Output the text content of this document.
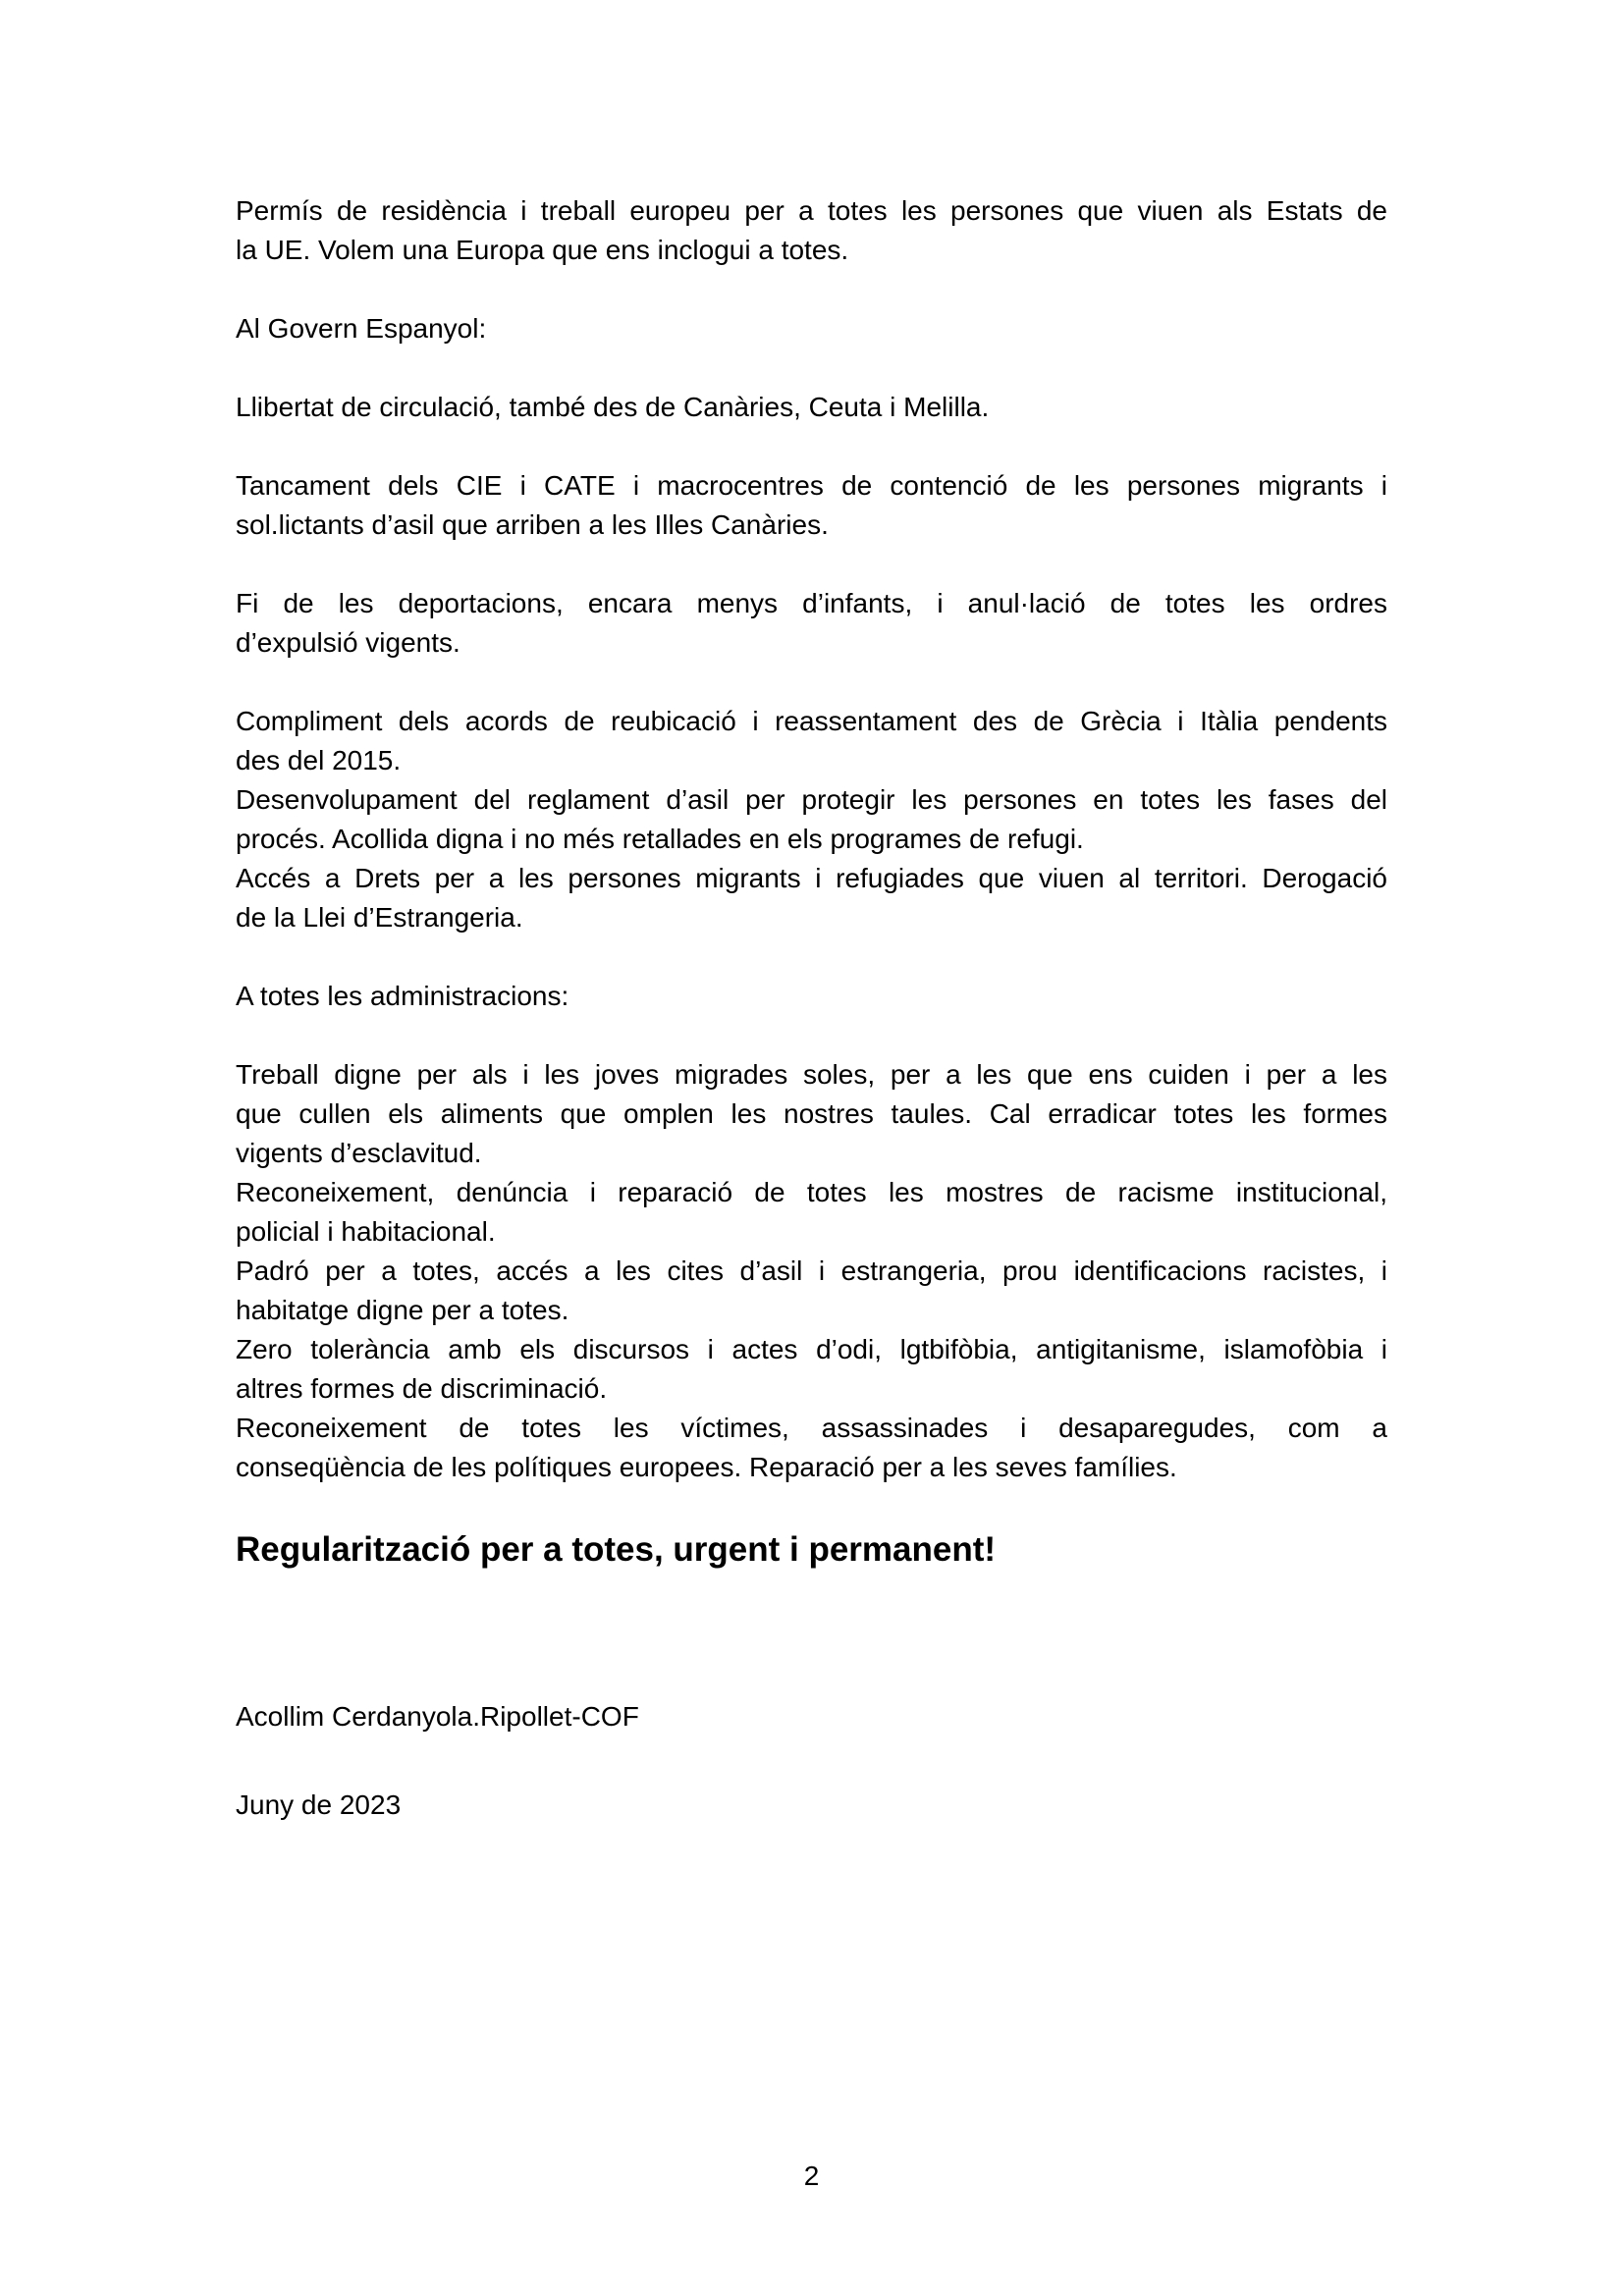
Permís de residència i treball europeu per a totes les persones que viuen als Estats de
la UE. Volem una Europa que ens inclogui a totes.

Al Govern Espanyol:

Llibertat de circulació, també des de Canàries, Ceuta i Melilla.

Tancament dels CIE i CATE i macrocentres de contenció de les persones migrants i
sol.lictants d’asil que arriben a les Illes Canàries.

Fi de les deportacions, encara menys d’infants, i anul·lació de totes les ordres
d’expulsió vigents.

Compliment dels acords de reubicació i reassentament des de Grècia i Itàlia pendents
des del 2015.

Desenvolupament del reglament d’asil per protegir les persones en totes les fases del
procés. Acollida digna i no més retallades en els programes de refugi.

Accés a Drets per a les persones migrants i refugiades que viuen al territori. Derogació
de la Llei d’Estrangeria.

A totes les administracions:

Treball digne per als i les joves migrades soles, per a les que ens cuiden i per a les
que cullen els aliments que omplen les nostres taules. Cal erradicar totes les formes
vigents d’esclavitud.

Reconeixement, denúncia i reparació de totes les mostres de racisme institucional,
policial i habitacional.

Padró per a totes, accés a les cites d’asil i estrangeria, prou identificacions racistes, i
habitatge digne per a totes.

Zero tolerància amb els discursos i actes d’odi, lgtbifòbia, antigitanisme, islamofòbia i
altres formes de discriminació.

Reconeixement de totes les víctimes, assassinades i desaparegudes, com a
conseqüència de les polítiques europees. Reparació per a les seves famílies.

Regularització per a totes, urgent i permanent!

Acollim Cerdanyola.Ripollet-COF

Juny de 2023

2
